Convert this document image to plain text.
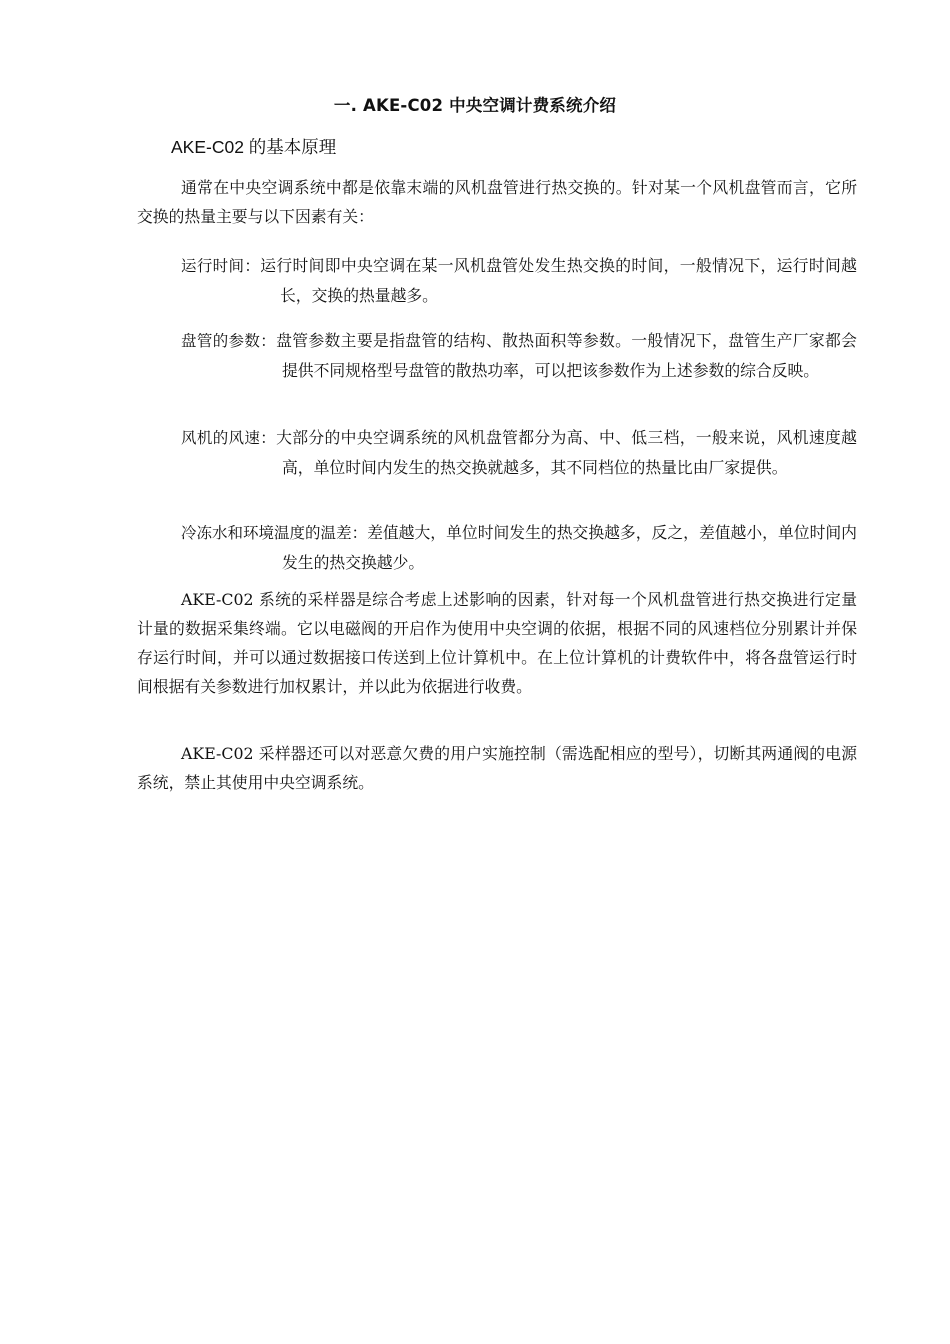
一. AKE-C02 中央空调计费系统介绍
AKE-C02 的基本原理
通常在中央空调系统中都是依靠末端的风机盘管进行热交换的。针对某一个风机盘管而言，它所交换的热量主要与以下因素有关：
运行时间：运行时间即中央空调在某一风机盘管处发生热交换的时间，一般情况下，运行时间越长，交换的热量越多。
盘管的参数：盘管参数主要是指盘管的结构、散热面积等参数。一般情况下，盘管生产厂家都会提供不同规格型号盘管的散热功率，可以把该参数作为上述参数的综合反映。
风机的风速：大部分的中央空调系统的风机盘管都分为高、中、低三档，一般来说，风机速度越高，单位时间内发生的热交换就越多，其不同档位的热量比由厂家提供。
冷冻水和环境温度的温差：差值越大，单位时间发生的热交换越多，反之，差值越小，单位时间内发生的热交换越少。
AKE-C02 系统的采样器是综合考虑上述影响的因素，针对每一个风机盘管进行热交换进行定量计量的数据采集终端。它以电磁阀的开启作为使用中央空调的依据，根据不同的风速档位分别累计并保存运行时间，并可以通过数据接口传送到上位计算机中。在上位计算机的计费软件中，将各盘管运行时间根据有关参数进行加权累计，并以此为依据进行收费。
AKE-C02 采样器还可以对恶意欠费的用户实施控制（需选配相应的型号），切断其两通阀的电源系统，禁止其使用中央空调系统。
